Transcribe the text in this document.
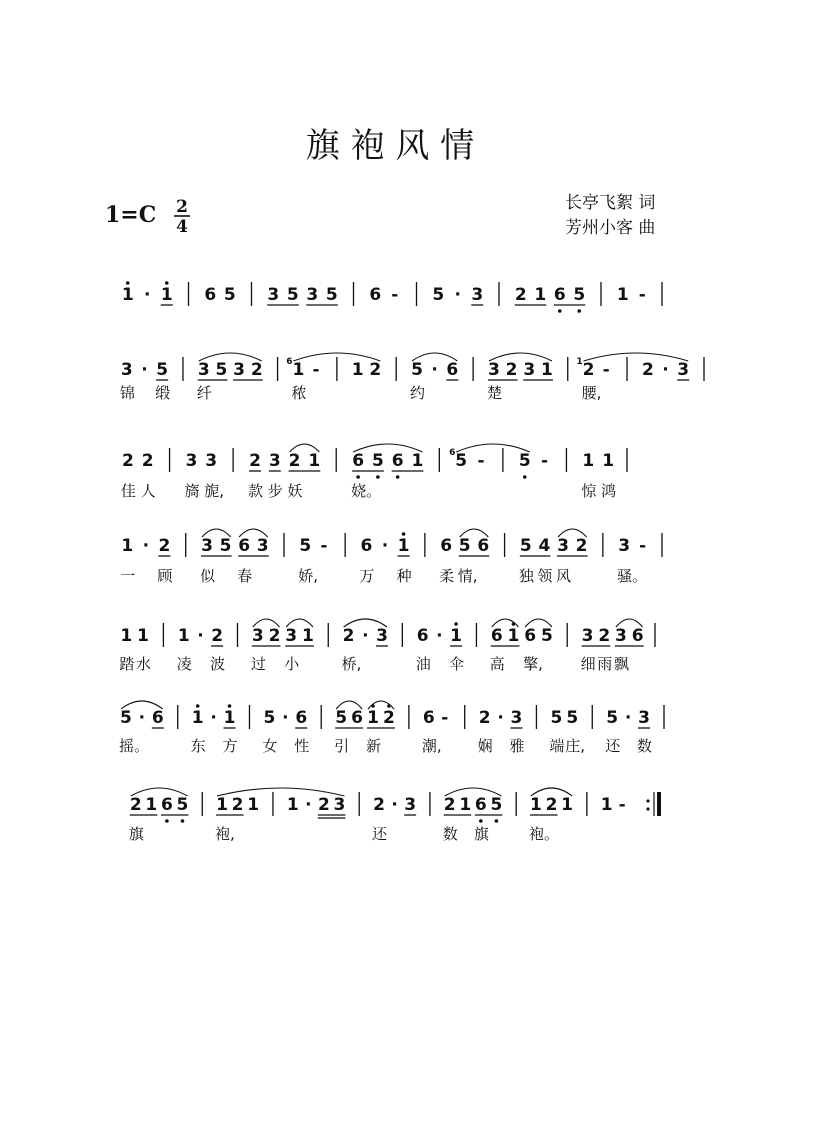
旗 袍 风 情
1=C 2
4
长亭飞絮 词
芳州小客 曲
1 · 1 6 5 3 5 3 5 6 - 5 · 3 2 1 6 5 1 -
3 · 5 3 5 3 2 1
6 - 1 2 5 · 6 3 2 3 1 2
1 - 2 · 3
锦 缎 纤	秾	约	楚	腰,
2 2 3 3 2 3 2 1 6 5 6 1 5
6 - 5 - 1 1
佳 人 旖 旎, 款 步 妖	娆。	惊 鸿
1 · 2 3 5 6 3 5 - 6 · 1 6 5 6 5 4 3 2 3 -
一 顾 似 春	娇,	万 种 柔 情,	独 领 风	骚。
1 1 1 · 2 3 2 3 1 2 · 3 6 · 1 6 1 6 5 3 2 3 6
踏 水 凌 波 过 小	桥,	油 伞 高 擎,	细 雨 飘
5 · 6 1 · 1 5 · 6 5 6 1 2 6 - 2 · 3 5 5 5 · 3
摇。	东 方 女 性 引 新	潮, 娴 雅 端 庄, 还 数
2 1 6 5 1 2 1 1 · 2 3 2 · 3 2 1 6 5 1 2 1 1 -
旗	袍,	还	数 旗	袍。
